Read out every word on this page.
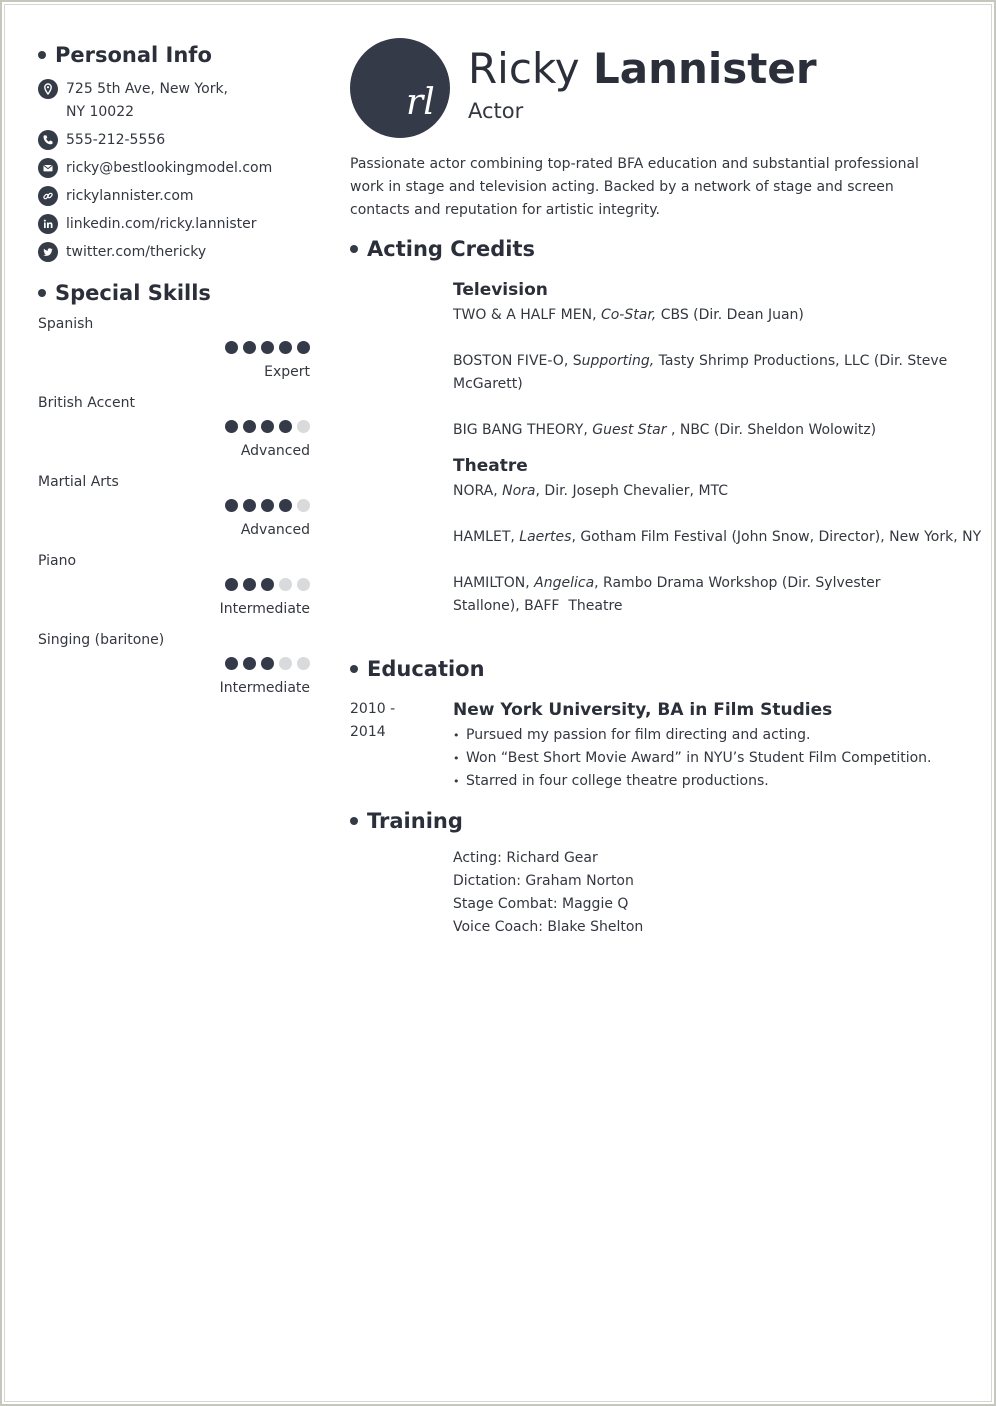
Personal Info
725 5th Ave, New York,
NY 10022
555-212-5556
ricky@bestlookingmodel.com
rickylannister.com
linkedin.com/ricky.lannister
twitter.com/thericky
Special Skills
Spanish
Expert
British Accent
Advanced
Martial Arts
Advanced
Piano
Intermediate
Singing (baritone)
Intermediate
rl
Ricky Lannister
Actor
Passionate actor combining top-rated BFA education and substantial professional work in stage and television acting. Backed by a network of stage and screen contacts and reputation for artistic integrity.
Acting Credits
Television
TWO & A HALF MEN, Co-Star, CBS (Dir. Dean Juan)
BOSTON FIVE-O, Supporting, Tasty Shrimp Productions, LLC (Dir. Steve McGarett)
BIG BANG THEORY, Guest Star , NBC (Dir. Sheldon Wolowitz)
Theatre
NORA, Nora, Dir. Joseph Chevalier, MTC
HAMLET, Laertes, Gotham Film Festival (John Snow, Director), New York, NY
HAMILTON, Angelica, Rambo Drama Workshop (Dir. Sylvester Stallone), BAFF  Theatre
Education
2010 -
2014
New York University, BA in Film Studies
• Pursued my passion for film directing and acting.
• Won “Best Short Movie Award” in NYU’s Student Film Competition.
• Starred in four college theatre productions.
Training
Acting: Richard Gear
Dictation: Graham Norton
Stage Combat: Maggie Q
Voice Coach: Blake Shelton
